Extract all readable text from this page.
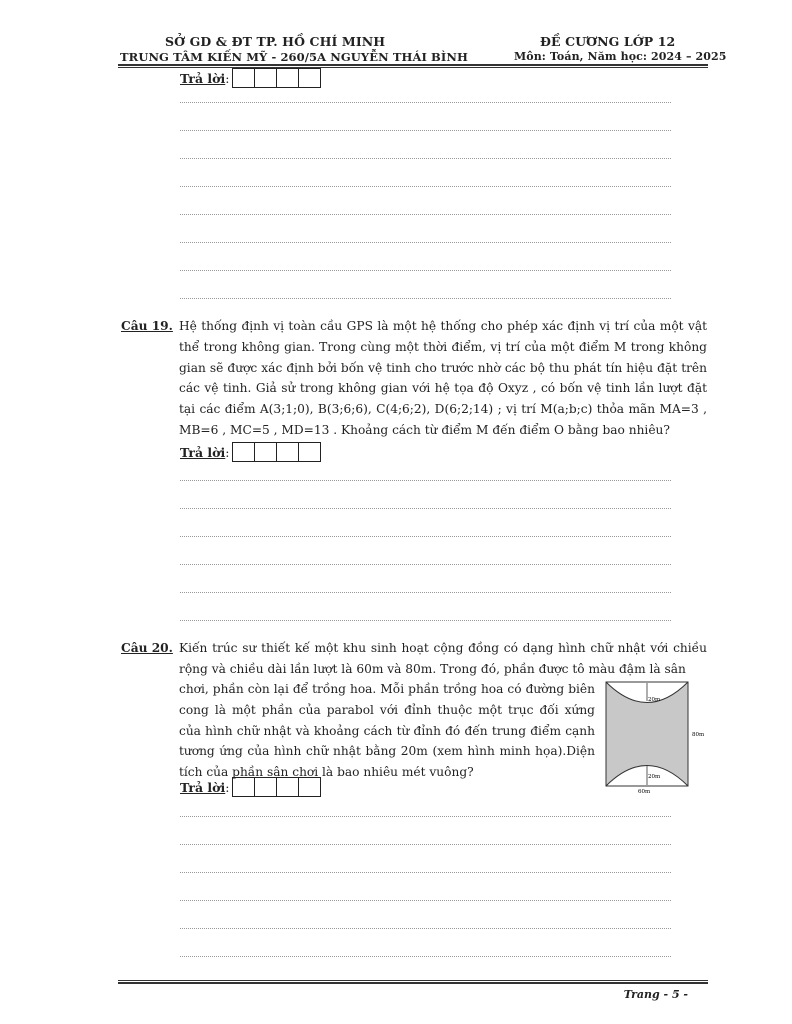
SỞ GD & ĐT TP. HỒ CHÍ MINH
TRUNG TÂM KIẾN MỸ - 260/5A NGUYỄN THÁI BÌNH
ĐỀ CƯƠNG LỚP 12
Môn: Toán, Năm học: 2024 – 2025
Trả lời :
Câu 19. Hệ thống định vị toàn cầu GPS là một hệ thống cho phép xác định vị trí của một vật thể trong không gian. Trong cùng một thời điểm, vị trí của một điểm M trong không gian sẽ được xác định bởi bốn vệ tinh cho trước nhờ các bộ thu phát tín hiệu đặt trên các vệ tinh. Giả sử trong không gian với hệ tọa độ Oxyz , có bốn vệ tinh lần lượt đặt tại các điểm A(3;1;0), B(3;6;6), C(4;6;2), D(6;2;14) ; vị trí M(a;b;c) thỏa mãn MA=3 , MB=6 , MC=5 , MD=13 . Khoảng cách từ điểm M đến điểm O bằng bao nhiêu?
Trả lời :
Câu 20. Kiến trúc sư thiết kế một khu sinh hoạt cộng đồng có dạng hình chữ nhật với chiều rộng và chiều dài lần lượt là 60m và 80m. Trong đó, phần được tô màu đậm là sân
chơi, phần còn lại để trồng hoa. Mỗi phần trồng hoa có đường biên cong là một phần của parabol với đỉnh thuộc một trục đối xứng của hình chữ nhật và khoảng cách từ đỉnh đó đến trung điểm cạnh tương ứng của hình chữ nhật bằng 20m (xem hình minh họa).Diện tích của phần sân chơi là bao nhiêu mét vuông?
20m
20m
80m
60m
Trả lời :
Trang - 5 -
